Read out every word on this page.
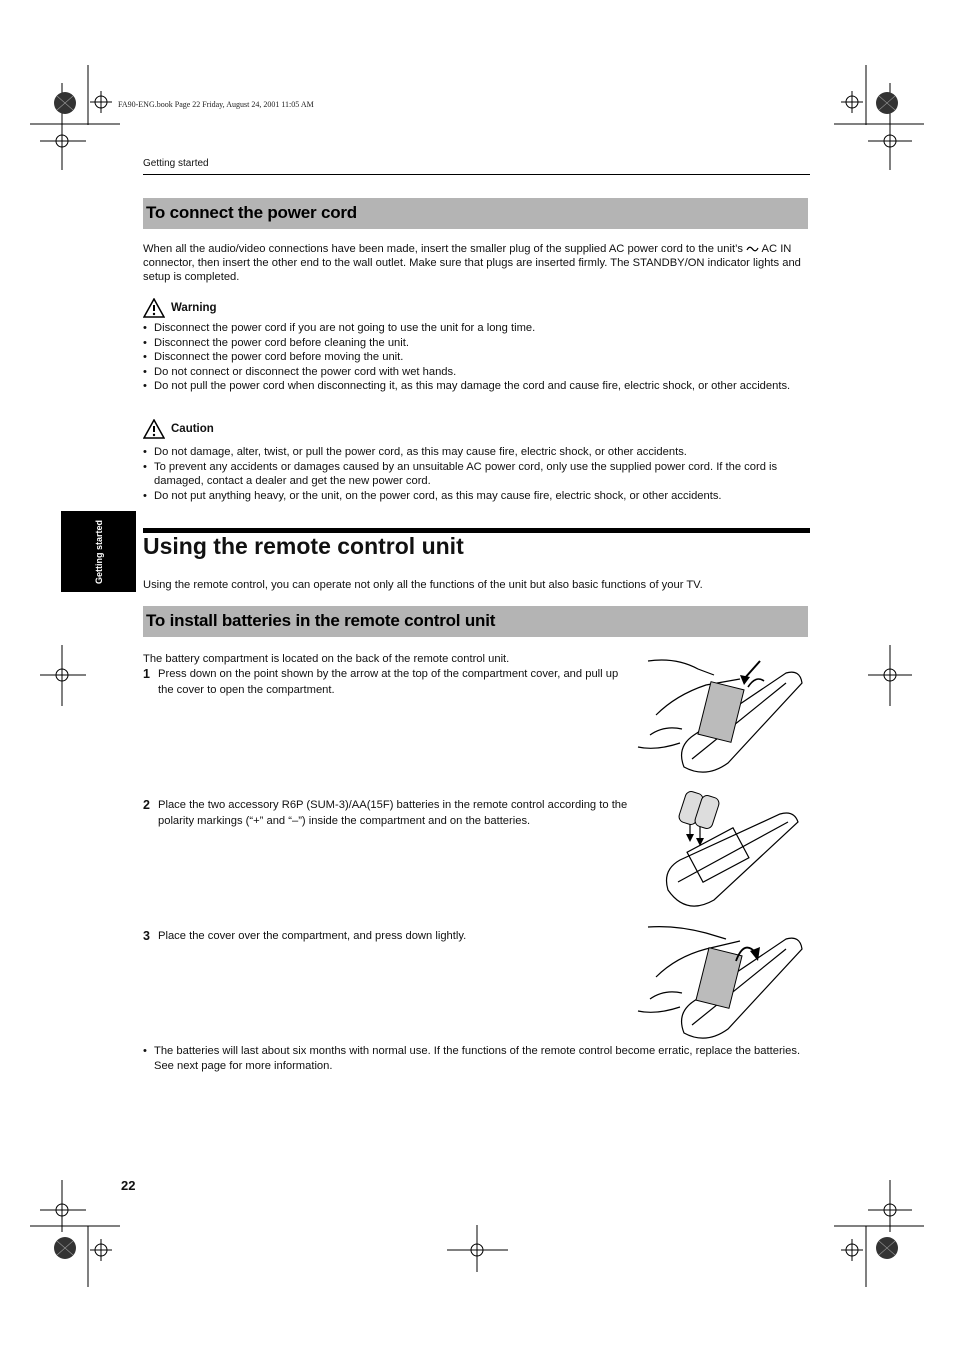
FA90-ENG.book Page 22 Friday, August 24, 2001 11:05 AM
Getting started
To connect the power cord
When all the audio/video connections have been made, insert the smaller plug of the supplied AC power cord to the unit’s AC IN connector, then insert the other end to the wall outlet. Make sure that plugs are inserted firmly. The STANDBY/ON indicator lights and setup is completed.
Warning
• Disconnect the power cord if you are not going to use the unit for a long time.
• Disconnect the power cord before cleaning the unit.
• Disconnect the power cord before moving the unit.
• Do not connect or disconnect the power cord with wet hands.
• Do not pull the power cord when disconnecting it, as this may damage the cord and cause fire, electric shock, or other accidents.
Caution
• Do not damage, alter, twist, or pull the power cord, as this may cause fire, electric shock, or other accidents.
• To prevent any accidents or damages caused by an unsuitable AC power cord, only use the supplied power cord. If the cord is damaged, contact a dealer and get the new power cord.
• Do not put anything heavy, or the unit, on the power cord, as this may cause fire, electric shock, or other accidents.
Getting started Using the remote control unit
Using the remote control, you can operate not only all the functions of the unit but also basic functions of your TV.
To install batteries in the remote control unit
The battery compartment is located on the back of the remote control unit.
1 Press down on the point shown by the arrow at the top of the compartment cover, and pull up the cover to open the compartment.
2 Place the two accessory R6P (SUM-3)/AA(15F) batteries in the remote control according to the polarity markings (“+” and “–”) inside the compartment and on the batteries.
3 Place the cover over the compartment, and press down lightly.
• The batteries will last about six months with normal use. If the functions of the remote control become erratic, replace the batteries. See next page for more information.
22
